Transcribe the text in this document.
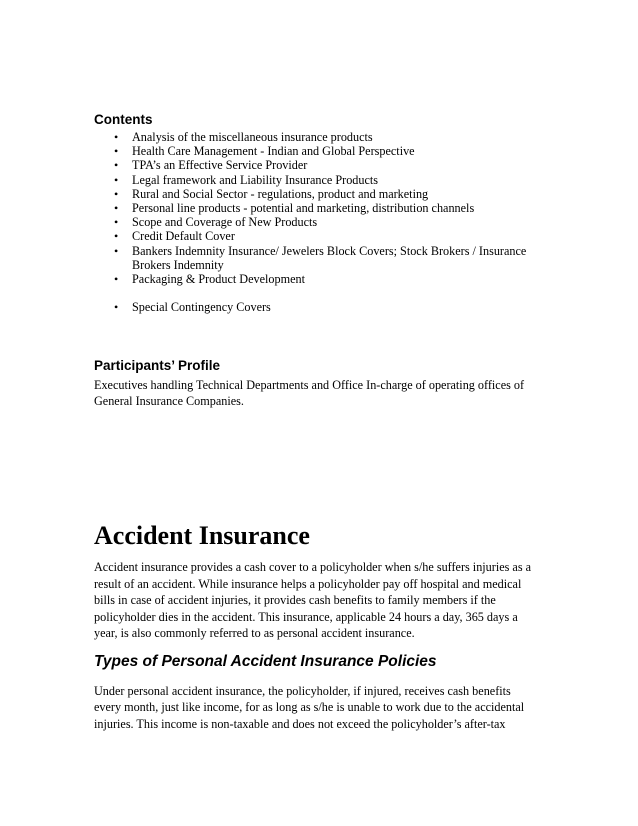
Contents
• Analysis of the miscellaneous insurance products
• Health Care Management - Indian and Global Perspective
• TPA’s an Effective Service Provider
• Legal framework and Liability Insurance Products
• Rural and Social Sector - regulations, product and marketing
• Personal line products - potential and marketing, distribution channels
• Scope and Coverage of New Products
• Credit Default Cover
• Bankers Indemnity Insurance/ Jewelers Block Covers; Stock Brokers / Insurance
Brokers Indemnity
• Packaging & Product Development
• Special Contingency Covers
Participants’ Profile

Executives handling Technical Departments and Office In-charge of operating offices of
General Insurance Companies.

Accident Insurance

Accident insurance provides a cash cover to a policyholder when s/he suffers injuries as a
result of an accident. While insurance helps a policyholder pay off hospital and medical
bills in case of accident injuries, it provides cash benefits to family members if the
policyholder dies in the accident. This insurance, applicable 24 hours a day, 365 days a
year, is also commonly referred to as personal accident insurance.

Types of Personal Accident Insurance Policies

Under personal accident insurance, the policyholder, if injured, receives cash benefits
every month, just like income, for as long as s/he is unable to work due to the accidental
injuries. This income is non-taxable and does not exceed the policyholder’s after-tax
